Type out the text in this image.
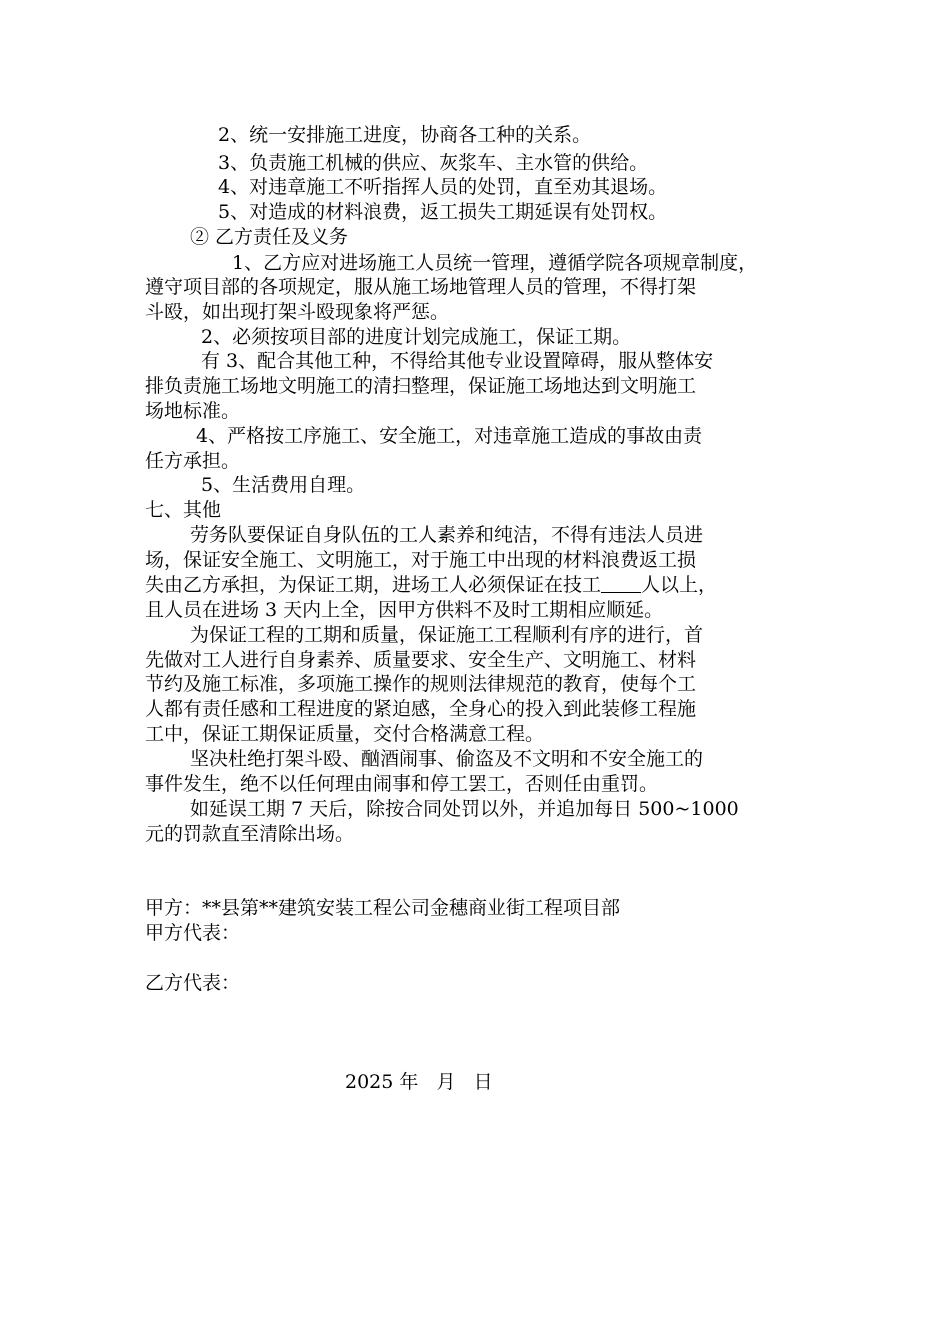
2、统一安排施工进度，协商各工种的关系。
3、负责施工机械的供应、灰浆车、主水管的供给。
4、对违章施工不听指挥人员的处罚，直至劝其退场。
5、对造成的材料浪费，返工损失工期延误有处罚权。
② 乙方责任及义务
1、乙方应对进场施工人员统一管理，遵循学院各项规章制度，
遵守项目部的各项规定，服从施工场地管理人员的管理，不得打架
斗殴，如出现打架斗殴现象将严惩。
2、必须按项目部的进度计划完成施工，保证工期。
有 3、配合其他工种，不得给其他专业设置障碍，服从整体安
排负责施工场地文明施工的清扫整理，保证施工场地达到文明施工
场地标准。
4、严格按工序施工、安全施工，对违章施工造成的事故由责
任方承担。
5、生活费用自理。
七、其他
劳务队要保证自身队伍的工人素养和纯洁，不得有违法人员进
场，保证安全施工、文明施工，对于施工中出现的材料浪费返工损
失由乙方承担，为保证工期，进场工人必须保证在技工 人以上，
且人员在进场 3 天内上全，因甲方供料不及时工期相应顺延。
为保证工程的工期和质量，保证施工工程顺利有序的进行，首
先做对工人进行自身素养、质量要求、安全生产、文明施工、材料
节约及施工标准，多项施工操作的规则法律规范的教育，使每个工
人都有责任感和工程进度的紧迫感，全身心的投入到此装修工程施
工中，保证工期保证质量，交付合格满意工程。
坚决杜绝打架斗殴、酗酒闹事、偷盗及不文明和不安全施工的
事件发生，绝不以任何理由闹事和停工罢工，否则任由重罚。
如延误工期 7 天后，除按合同处罚以外，并追加每日 500~1000
元的罚款直至清除出场。
甲方：**县第**建筑安装工程公司金穗商业街工程项目部
甲方代表：
乙方代表：
2025 年   月   日
